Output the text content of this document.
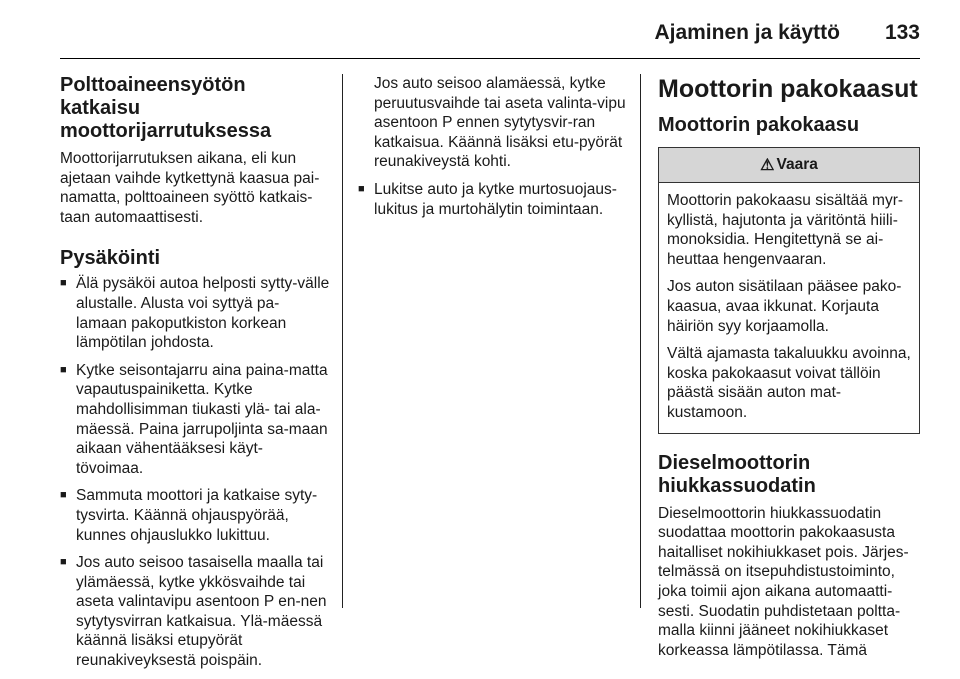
Ajaminen ja käyttö 133
Polttoaineensyötön katkaisu moottorijarrutuksessa

Moottorijarrutuksen aikana, eli kun ajetaan vaihde kytkettynä kaasua pai-namatta, polttoaineen syöttö katkais-taan automaattisesti.

Pysäköinti
■ Älä pysäköi autoa helposti sytty-välle alustalle. Alusta voi syttyä pa-lamaan pakoputkiston korkean lämpötilan johdosta.
■ Kytke seisontajarru aina paina-matta vapautuspainiketta. Kytke mahdollisimman tiukasti ylä- tai ala-mäessä. Paina jarrupoljinta sa-maan aikaan vähentääksesi käyt-tövoimaa.
■ Sammuta moottori ja katkaise syty-tysvirta. Käännä ohjauspyörää, kunnes ohjauslukko lukittuu.
■ Jos auto seisoo tasaisella maalla tai ylämäessä, kytke ykkösvaihde tai aseta valintavipu asentoon P en-nen sytytysvirran katkaisua. Ylä-mäessä käännä lisäksi etupyörät reunakiveyksestä poispäin.

Jos auto seisoo alamäessä, kytke peruutusvaihde tai aseta valinta-vipu asentoon P ennen sytytysvir-ran katkaisua. Käännä lisäksi etu-pyörät reunakiveystä kohti.

■ Lukitse auto ja kytke murtosuojaus-lukitus ja murtohälytin toimintaan.
Moottorin pakokaasut
Moottorin pakokaasu
⚠ Vaara

Moottorin pakokaasu sisältää myr-kyllistä, hajutonta ja väritöntä hiili-monoksidia. Hengitettynä se ai-heuttaa hengenvaaran.

Jos auton sisätilaan pääsee pako-kaasua, avaa ikkunat. Korjauta häiriön syy korjaamolla.

Vältä ajamasta takaluukku avoinna, koska pakokaasut voivat tällöin päästä sisään auton mat-kustamoon.

Dieselmoottorin hiukkassuodatin

Dieselmoottorin hiukkassuodatin suodattaa moottorin pakokaasusta haitalliset nokihiukkaset pois. Järjes-telmässä on itsepuhdistustoiminto, joka toimii ajon aikana automaatti-sesti. Suodatin puhdistetaan poltta-malla kiinni jääneet nokihiukkaset korkeassa lämpötilassa. Tämä
